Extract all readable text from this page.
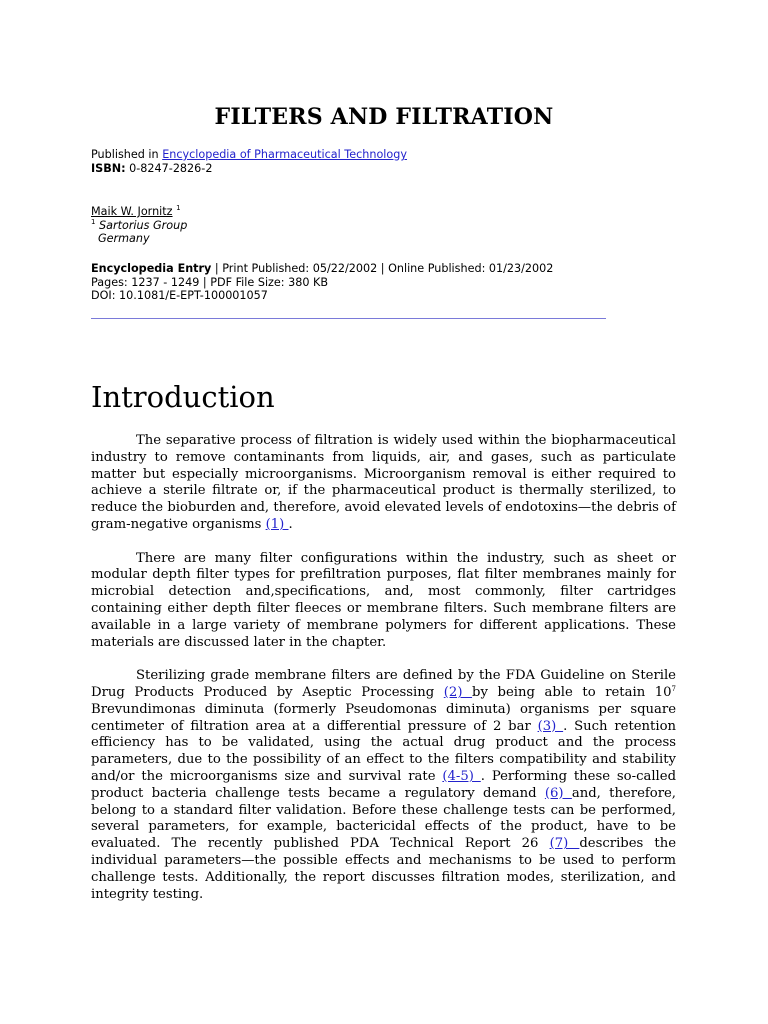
FILTERS AND FILTRATION
Published in Encyclopedia of Pharmaceutical Technology
ISBN: 0-8247-2826-2
Maik W. Jornitz $^1$
$^1$ Sartorius Group
Germany
Encyclopedia Entry | Print Published: 05/22/2002 | Online Published: 01/23/2002
Pages: 1237 - 1249 | PDF File Size: 380 KB
DOI: 10.1081/E-EPT-100001057
Introduction

The separative process of filtration is widely used within the biopharmaceutical industry to remove contaminants from liquids, air, and gases, such as particulate matter but especially microorganisms. Microorganism removal is either required to achieve a sterile filtrate or, if the pharmaceutical product is thermally sterilized, to reduce the bioburden and, therefore, avoid elevated levels of endotoxins—the debris of gram-negative organisms (1) .

There are many filter configurations within the industry, such as sheet or modular depth filter types for prefiltration purposes, flat filter membranes mainly for microbial detection and,specifications, and, most commonly, filter cartridges containing either depth filter fleeces or membrane filters. Such membrane filters are available in a large variety of membrane polymers for different applications. These materials are discussed later in the chapter.

Sterilizing grade membrane filters are defined by the FDA Guideline on Sterile Drug Products Produced by Aseptic Processing (2) by being able to retain $10^7$ Brevundimonas diminuta (formerly Pseudomonas diminuta) organisms per square centimeter of filtration area at a differential pressure of 2 bar (3) . Such retention efficiency has to be validated, using the actual drug product and the process parameters, due to the possibility of an effect to the filters compatibility and stability and/or the microorganisms size and survival rate (4-5) . Performing these so-called product bacteria challenge tests became a regulatory demand (6) and, therefore, belong to a standard filter validation. Before these challenge tests can be performed, several parameters, for example, bactericidal effects of the product, have to be evaluated. The recently published PDA Technical Report 26 (7) describes the individual parameters—the possible effects and mechanisms to be used to perform challenge tests. Additionally, the report discusses filtration modes, sterilization, and integrity testing.
